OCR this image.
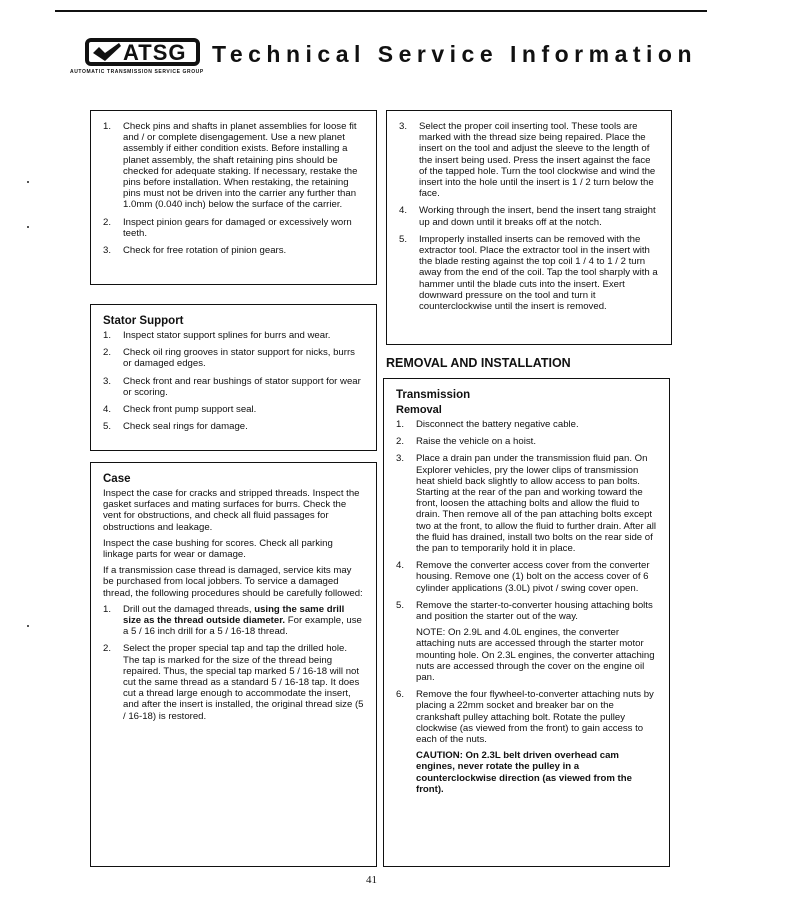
ATSG
AUTOMATIC TRANSMISSION SERVICE GROUP
Technical Service Information
1.	Check pins and shafts in planet assemblies for loose fit and / or complete disengagement. Use a new planet assembly if either condition exists. Before installing a planet assembly, the shaft retaining pins should be checked for adequate staking. If necessary, restake the pins before installation. When restaking, the retaining pins must not be driven into the carrier any further than 1.0mm (0.040 inch) below the surface of the carrier.
2.	Inspect pinion gears for damaged or excessively worn teeth.
3.	Check for free rotation of pinion gears.
Stator Support
1.	Inspect stator support splines for burrs and wear.
2.	Check oil ring grooves in stator support for nicks, burrs or damaged edges.
3.	Check front and rear bushings of stator support for wear or scoring.
4.	Check front pump support seal.
5.	Check seal rings for damage.
Case

Inspect the case for cracks and stripped threads. Inspect the gasket surfaces and mating surfaces for burrs. Check the vent for obstructions, and check all fluid passages for obstructions and leakage.

Inspect the case bushing for scores. Check all parking linkage parts for wear or damage.

If a transmission case thread is damaged, service kits may be purchased from local jobbers. To service a damaged thread, the following procedures should be carefully followed:

1.	Drill out the damaged threads, using the same drill size as the thread outside diameter. For example, use a 5 / 16 inch drill for a 5 / 16-18 thread.
2.	Select the proper special tap and tap the drilled hole. The tap is marked for the size of the thread being repaired. Thus, the special tap marked 5 / 16-18 will not cut the same thread as a standard 5 / 16-18 tap. It does cut a thread large enough to accommodate the insert, and after the insert is installed, the original thread size (5 / 16-18) is restored.
3.	Select the proper coil inserting tool. These tools are marked with the thread size being repaired. Place the insert on the tool and adjust the sleeve to the length of the insert being used. Press the insert against the face of the tapped hole. Turn the tool clockwise and wind the insert into the hole until the insert is 1 / 2 turn below the face.
4.	Working through the insert, bend the insert tang straight up and down until it breaks off at the notch.
5.	Improperly installed inserts can be removed with the extractor tool. Place the extractor tool in the insert with the blade resting against the top coil 1 / 4 to 1 / 2 turn away from the end of the coil. Tap the tool sharply with a hammer until the blade cuts into the insert. Exert downward pressure on the tool and turn it counterclockwise until the insert is removed.
REMOVAL AND INSTALLATION
Transmission
Removal
1.	Disconnect the battery negative cable.
2.	Raise the vehicle on a hoist.
3.	Place a drain pan under the transmission fluid pan. On Explorer vehicles, pry the lower clips of transmission heat shield back slightly to allow access to pan bolts. Starting at the rear of the pan and working toward the front, loosen the attaching bolts and allow the fluid to drain. Then remove all of the pan attaching bolts except two at the front, to allow the fluid to further drain. After all the fluid has drained, install two bolts on the rear side of the pan to temporarily hold it in place.
4.	Remove the converter access cover from the converter housing. Remove one (1) bolt on the access cover of 6 cylinder applications (3.0L) pivot / swing cover open.
5.	Remove the starter-to-converter housing attaching bolts and position the starter out of the way.
NOTE: On 2.9L and 4.0L engines, the converter attaching nuts are accessed through the starter motor mounting hole. On 2.3L engines, the converter attaching nuts are accessed through the cover on the engine oil pan.
6.	Remove the four flywheel-to-converter attaching nuts by placing a 22mm socket and breaker bar on the crankshaft pulley attaching bolt. Rotate the pulley clockwise (as viewed from the front) to gain access to each of the nuts.
CAUTION: On 2.3L belt driven overhead cam engines, never rotate the pulley in a counterclockwise direction (as viewed from the front).
41
